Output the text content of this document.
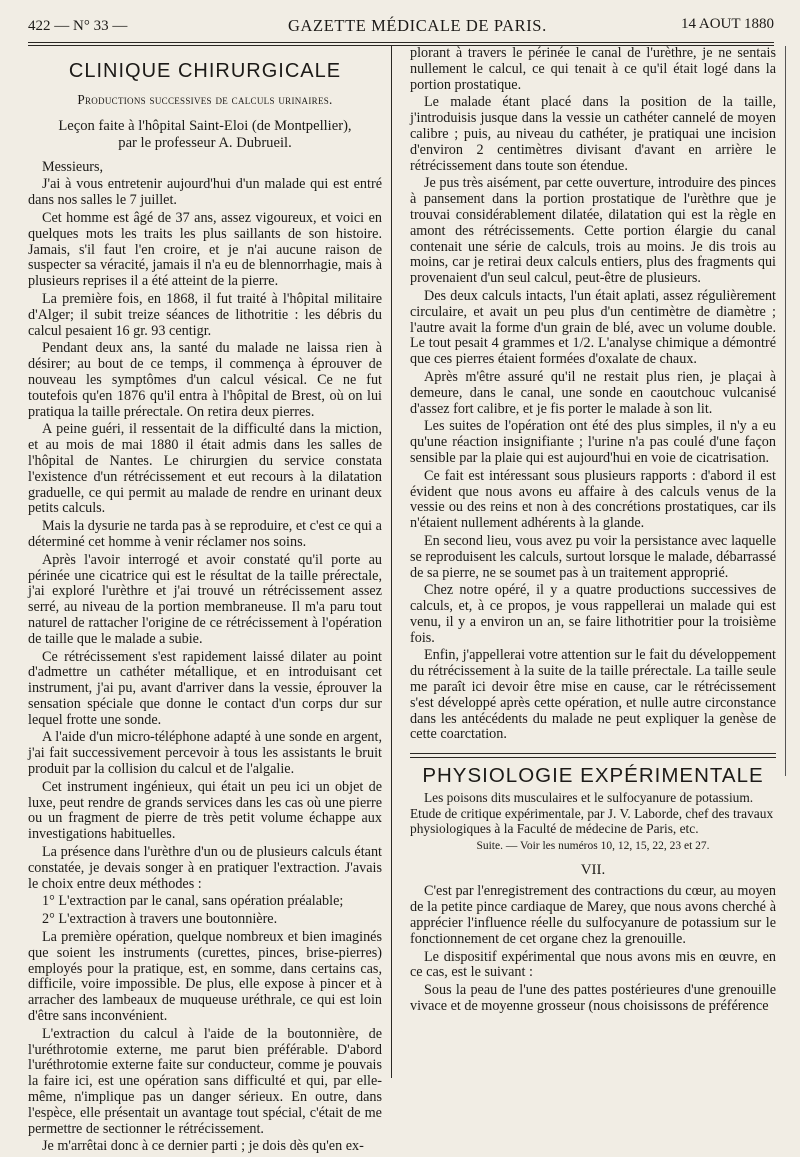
422 — N° 33 —	GAZETTE MÉDICALE DE PARIS.	14 AOUT 1880
CLINIQUE CHIRURGICALE
Productions successives de calculs urinaires.
Leçon faite à l'hôpital Saint-Eloi (de Montpellier),
par le professeur A. Dubrueil.

Messieurs,

J'ai à vous entretenir aujourd'hui d'un malade qui est entré dans nos salles le 7 juillet.

Cet homme est âgé de 37 ans, assez vigoureux, et voici en quelques mots les traits les plus saillants de son histoire. Jamais, s'il faut l'en croire, et je n'ai aucune raison de suspecter sa véracité, jamais il n'a eu de blennorrhagie, mais à plusieurs reprises il a été atteint de la pierre.

La première fois, en 1868, il fut traité à l'hôpital militaire d'Alger; il subit treize séances de lithotritie : les débris du calcul pesaient 16 gr. 93 centigr.

Pendant deux ans, la santé du malade ne laissa rien à désirer; au bout de ce temps, il commença à éprouver de nouveau les symptômes d'un calcul vésical. Ce ne fut toutefois qu'en 1876 qu'il entra à l'hôpital de Brest, où on lui pratiqua la taille prérectale. On retira deux pierres.

A peine guéri, il ressentait de la difficulté dans la miction, et au mois de mai 1880 il était admis dans les salles de l'hôpital de Nantes. Le chirurgien du service constata l'existence d'un rétrécissement et eut recours à la dilatation graduelle, ce qui permit au malade de rendre en urinant deux petits calculs.

Mais la dysurie ne tarda pas à se reproduire, et c'est ce qui a déterminé cet homme à venir réclamer nos soins.

Après l'avoir interrogé et avoir constaté qu'il porte au périnée une cicatrice qui est le résultat de la taille prérectale, j'ai exploré l'urèthre et j'ai trouvé un rétrécissement assez serré, au niveau de la portion membraneuse. Il m'a paru tout naturel de rattacher l'origine de ce rétrécissement à l'opération de taille que le malade a subie.

Ce rétrécissement s'est rapidement laissé dilater au point d'admettre un cathéter métallique, et en introduisant cet instrument, j'ai pu, avant d'arriver dans la vessie, éprouver la sensation spéciale que donne le contact d'un corps dur sur lequel frotte une sonde.

A l'aide d'un micro-téléphone adapté à une sonde en argent, j'ai fait successivement percevoir à tous les assistants le bruit produit par la collision du calcul et de l'algalie.

Cet instrument ingénieux, qui était un peu ici un objet de luxe, peut rendre de grands services dans les cas où une pierre ou un fragment de pierre de très petit volume échappe aux investigations habituelles.

La présence dans l'urèthre d'un ou de plusieurs calculs étant constatée, je devais songer à en pratiquer l'extraction. J'avais le choix entre deux méthodes :

1° L'extraction par le canal, sans opération préalable;

2° L'extraction à travers une boutonnière.

La première opération, quelque nombreux et bien imaginés que soient les instruments (curettes, pinces, brise-pierres) employés pour la pratique, est, en somme, dans certains cas, difficile, voire impossible. De plus, elle expose à pincer et à arracher des lambeaux de muqueuse uréthrale, ce qui est loin d'être sans inconvénient.

L'extraction du calcul à l'aide de la boutonnière, de l'uréthrotomie externe, me parut bien préférable. D'abord l'uréthrotomie externe faite sur conducteur, comme je pouvais la faire ici, est une opération sans difficulté et qui, par elle-même, n'implique pas un danger sérieux. En outre, dans l'espèce, elle présentait un avantage tout spécial, c'était de me permettre de sectionner le rétrécissement.

Je m'arrêtai donc à ce dernier parti ; je dois dès qu'en ex-

plorant à travers le périnée le canal de l'urèthre, je ne sentais nullement le calcul, ce qui tenait à ce qu'il était logé dans la portion prostatique.

Le malade étant placé dans la position de la taille, j'introduisis jusque dans la vessie un cathéter cannelé de moyen calibre ; puis, au niveau du cathéter, je pratiquai une incision d'environ 2 centimètres divisant d'avant en arrière le rétrécissement dans toute son étendue.

Je pus très aisément, par cette ouverture, introduire des pinces à pansement dans la portion prostatique de l'urèthre que je trouvai considérablement dilatée, dilatation qui est la règle en amont des rétrécissements. Cette portion élargie du canal contenait une série de calculs, trois au moins. Je dis trois au moins, car je retirai deux calculs entiers, plus des fragments qui provenaient d'un seul calcul, peut-être de plusieurs.

Des deux calculs intacts, l'un était aplati, assez régulièrement circulaire, et avait un peu plus d'un centimètre de diamètre ; l'autre avait la forme d'un grain de blé, avec un volume double. Le tout pesait 4 grammes et 1/2. L'analyse chimique a démontré que ces pierres étaient formées d'oxalate de chaux.

Après m'être assuré qu'il ne restait plus rien, je plaçai à demeure, dans le canal, une sonde en caoutchouc vulcanisé d'assez fort calibre, et je fis porter le malade à son lit.

Les suites de l'opération ont été des plus simples, il n'y a eu qu'une réaction insignifiante ; l'urine n'a pas coulé d'une façon sensible par la plaie qui est aujourd'hui en voie de cicatrisation.

Ce fait est intéressant sous plusieurs rapports : d'abord il est évident que nous avons eu affaire à des calculs venus de la vessie ou des reins et non à des concrétions prostatiques, car ils n'étaient nullement adhérents à la glande.

En second lieu, vous avez pu voir la persistance avec laquelle se reproduisent les calculs, surtout lorsque le malade, débarrassé de sa pierre, ne se soumet pas à un traitement approprié.

Chez notre opéré, il y a quatre productions successives de calculs, et, à ce propos, je vous rappellerai un malade qui est venu, il y a environ un an, se faire lithotritier pour la troisième fois.

Enfin, j'appellerai votre attention sur le fait du développement du rétrécissement à la suite de la taille prérectale. La taille seule me paraît ici devoir être mise en cause, car le rétrécissement s'est développé après cette opération, et nulle autre circonstance dans les antécédents du malade ne peut expliquer la genèse de cette coarctation.

PHYSIOLOGIE EXPÉRIMENTALE

Les poisons dits musculaires et le sulfocyanure de potassium. Etude de critique expérimentale, par J. V. Laborde, chef des travaux physiologiques à la Faculté de médecine de Paris, etc.

Suite. — Voir les numéros 10, 12, 15, 22, 23 et 27.
VII.

C'est par l'enregistrement des contractions du cœur, au moyen de la petite pince cardiaque de Marey, que nous avons cherché à apprécier l'influence réelle du sulfocyanure de potassium sur le fonctionnement de cet organe chez la grenouille.

Le dispositif expérimental que nous avons mis en œuvre, en ce cas, est le suivant :

Sous la peau de l'une des pattes postérieures d'une grenouille vivace et de moyenne grosseur (nous choisissons de préférence
